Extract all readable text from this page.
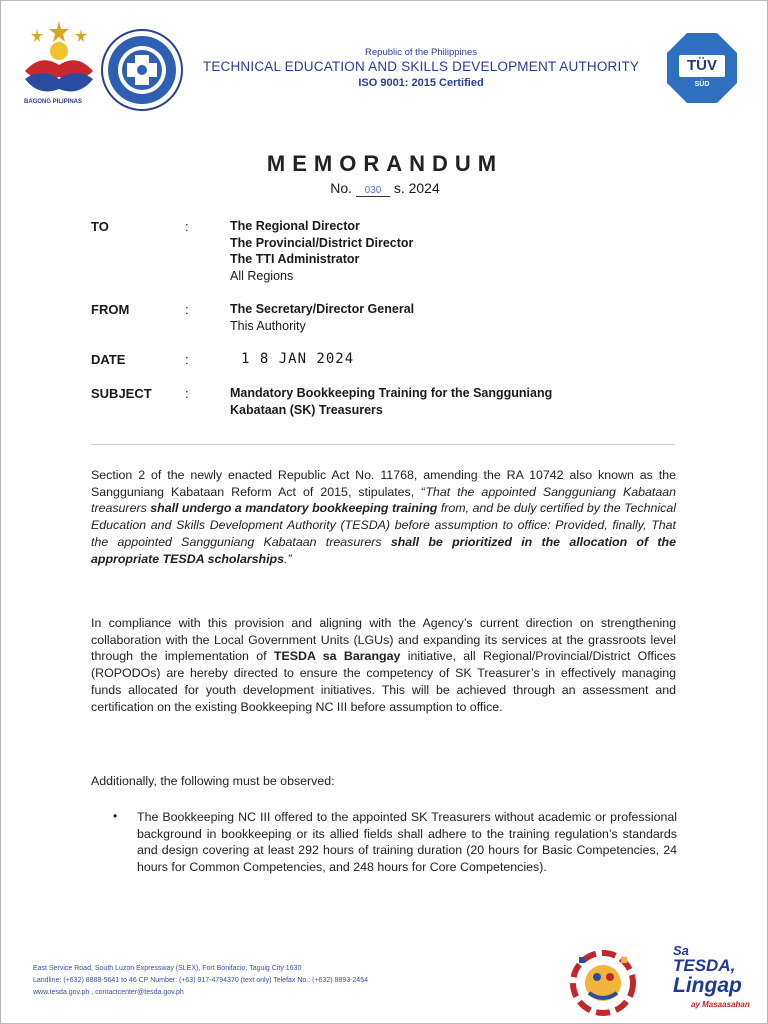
BAGONG PILIPINAS
Republic of the Philippines
TECHNICAL EDUCATION AND SKILLS DEVELOPMENT AUTHORITY
ISO 9001: 2015 Certified
TÜV
SÜD
MEMORANDUM
No. 030 s. 2024
TO	:	The Regional Director
The Provincial/District Director
The TTI Administrator
All Regions
FROM	:	The Secretary/Director General
This Authority
DATE	:	1 8 JAN 2024
SUBJECT	:	Mandatory Bookkeeping Training for the Sangguniang
Kabataan (SK) Treasurers
Section 2 of the newly enacted Republic Act No. 11768, amending the RA 10742 also known as the Sangguniang Kabataan Reform Act of 2015, stipulates, “That the appointed Sangguniang Kabataan treasurers shall undergo a mandatory bookkeeping training from, and be duly certified by the Technical Education and Skills Development Authority (TESDA) before assumption to office: Provided, finally, That the appointed Sangguniang Kabataan treasurers shall be prioritized in the allocation of the appropriate TESDA scholarships.”
In compliance with this provision and aligning with the Agency’s current direction on strengthening collaboration with the Local Government Units (LGUs) and expanding its services at the grassroots level through the implementation of TESDA sa Barangay initiative, all Regional/Provincial/District Offices (ROPODOs) are hereby directed to ensure the competency of SK Treasurer’s in effectively managing funds allocated for youth development initiatives. This will be achieved through an assessment and certification on the existing Bookkeeping NC III before assumption to office.
Additionally, the following must be observed:
• The Bookkeeping NC III offered to the appointed SK Treasurers without academic or professional background in bookkeeping or its allied fields shall adhere to the training regulation’s standards and design covering at least 292 hours of training duration (20 hours for Basic Competencies, 24 hours for Common Competencies, and 248 hours for Core Competencies).
East Service Road, South Luzon Expressway (SLEX), Fort Bonifacio, Taguig City 1630
Landline: (+632) 8888-5641 to 46 CP Number: (+63) 917-4794370 (text only) Telefax No.: (+632) 8893-2454
www.tesda.gov.ph , contactcenter@tesda.gov.ph
Sa
TESDA,
Lingap
ay Masaasahan
